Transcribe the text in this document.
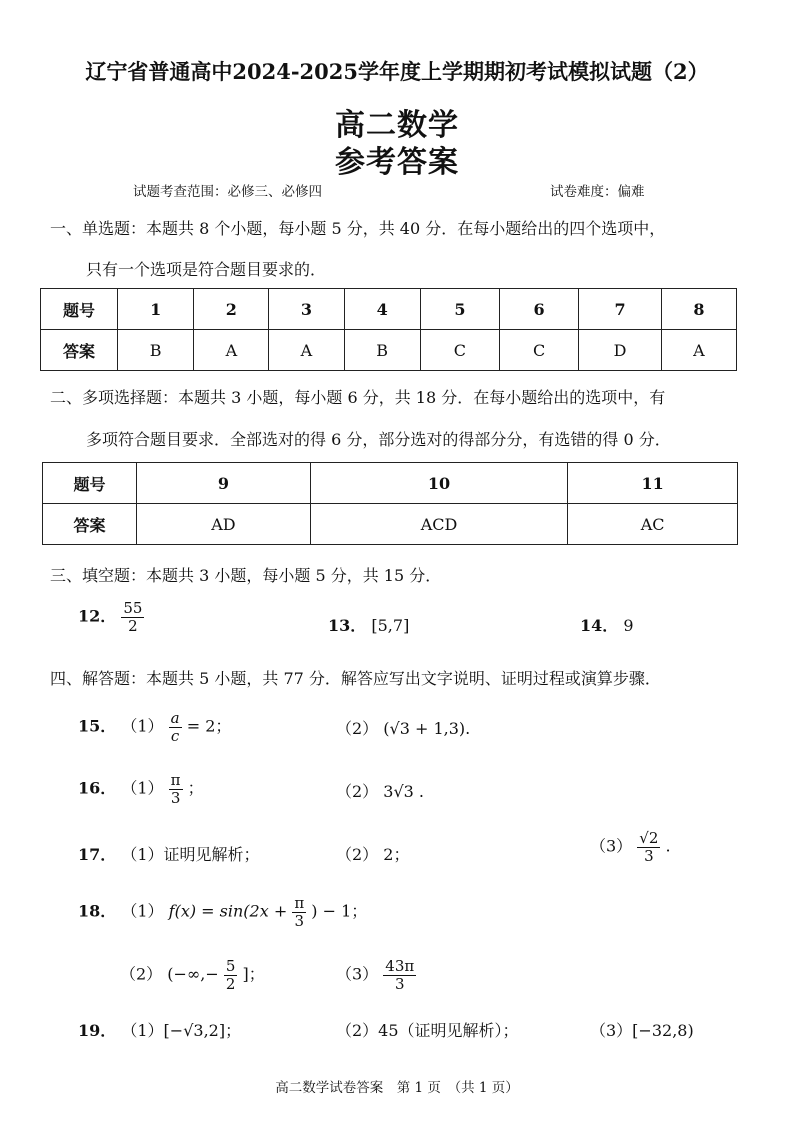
辽宁省普通高中2024-2025学年度上学期期初考试模拟试题（2）
高二数学
参考答案
试题考查范围：必修三、必修四	试卷难度：偏难
一、单选题：本题共 8 个小题，每小题 5 分，共 40 分．在每小题给出的四个选项中，
只有一个选项是符合题目要求的．
题号	1	2	3	4	5	6	7	8
答案	B	A	A	B	C	C	D	A
二、多项选择题：本题共 3 小题，每小题 6 分，共 18 分．在每小题给出的选项中，有
多项符合题目要求．全部选对的得 6 分，部分选对的得部分分，有选错的得 0 分．
题号	9	10	11
答案	AD	ACD	AC
三、填空题：本题共 3 小题，每小题 5 分，共 15 分．
12． $\frac{55}{2}$	13． [5,7]	14． 9
四、解答题：本题共 5 小题，共 77 分．解答应写出文字说明、证明过程或演算步骤．
15． $(1) \frac{a}{c} = 2$；	（2） (√3 + 1,3).
16． $(1) \frac{\pi}{3}$ ；	（2） 3√3 .
17． （1）证明见解析；	（2） 2；	$(3) \frac{√2}{3}$ .
18． （1） $f(x) = \sin(2x + \frac{\pi}{3}$ ) − 1；
（2） (−∞,− $\frac{5}{2}$ ]；	$(3) \frac{43\pi}{3}$
19． （1）[−√3,2]；	（2）45（证明见解析）；	（3）[−32,8)
高二数学试卷答案　第 1 页　（共 1 页）
